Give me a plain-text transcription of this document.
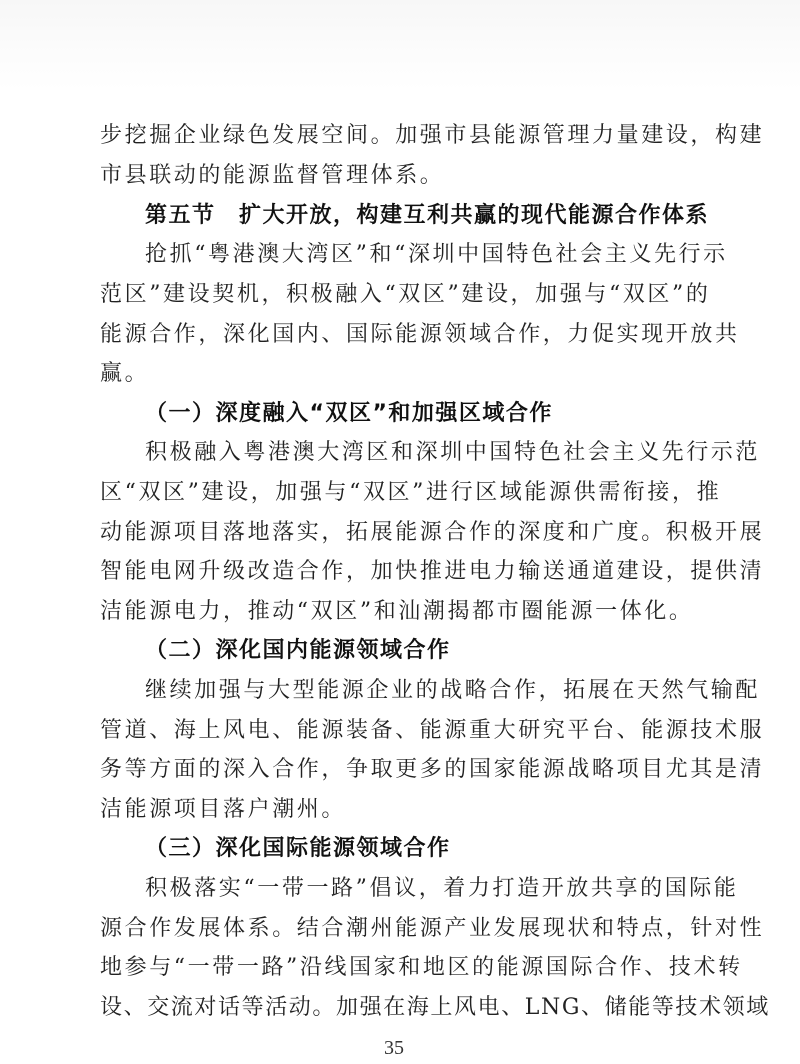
步挖掘企业绿色发展空间。加强市县能源管理力量建设，构建
市县联动的能源监督管理体系。
第五节　扩大开放，构建互利共赢的现代能源合作体系
抢抓“粤港澳大湾区”和“深圳中国特色社会主义先行示
范区”建设契机，积极融入“双区”建设，加强与“双区”的
能源合作，深化国内、国际能源领域合作，力促实现开放共
赢。
（一）深度融入“双区”和加强区域合作
积极融入粤港澳大湾区和深圳中国特色社会主义先行示范
区“双区”建设，加强与“双区”进行区域能源供需衔接，推
动能源项目落地落实，拓展能源合作的深度和广度。积极开展
智能电网升级改造合作，加快推进电力输送通道建设，提供清
洁能源电力，推动“双区”和汕潮揭都市圈能源一体化。
（二）深化国内能源领域合作
继续加强与大型能源企业的战略合作，拓展在天然气输配
管道、海上风电、能源装备、能源重大研究平台、能源技术服
务等方面的深入合作，争取更多的国家能源战略项目尤其是清
洁能源项目落户潮州。
（三）深化国际能源领域合作
积极落实“一带一路”倡议，着力打造开放共享的国际能
源合作发展体系。结合潮州能源产业发展现状和特点，针对性
地参与“一带一路”沿线国家和地区的能源国际合作、技术转
设、交流对话等活动。加强在海上风电、LNG、储能等技术领域
35
